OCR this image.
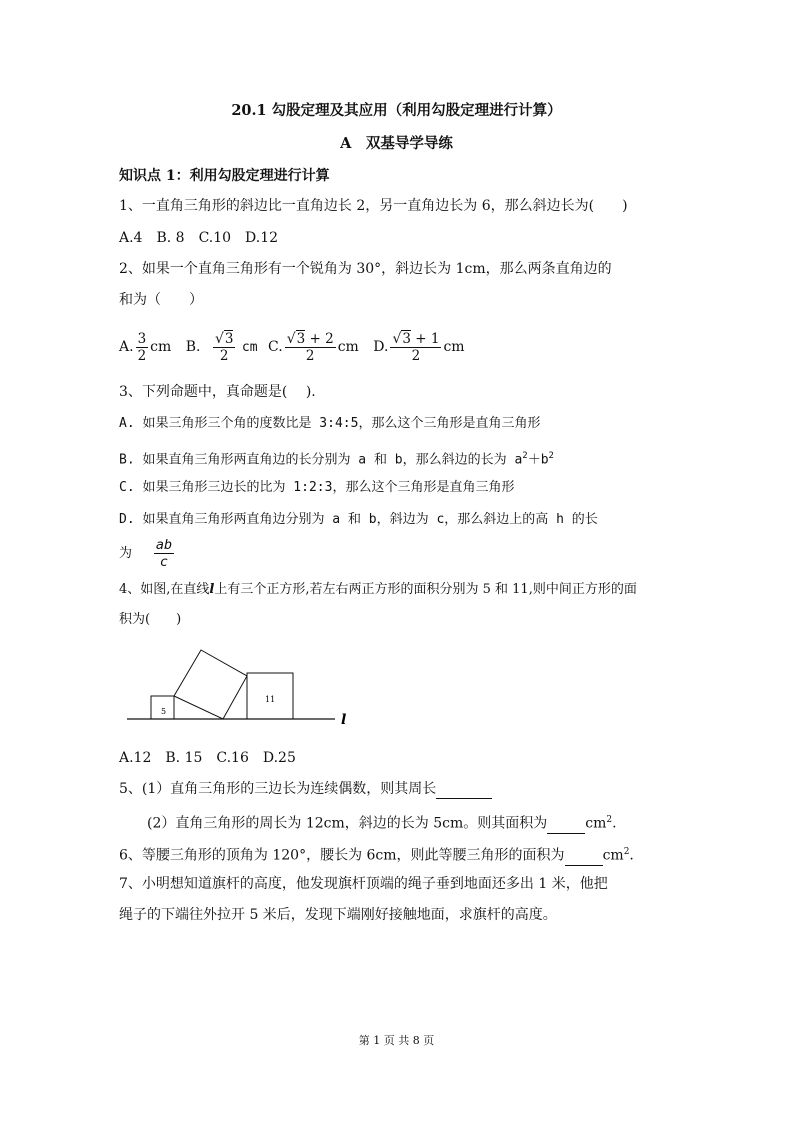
20.1 勾股定理及其应用（利用勾股定理进行计算）
A　双基导学导练
知识点 1：利用勾股定理进行计算
1、一直角三角形的斜边比一直角边长 2，另一直角边长为 6，那么斜边长为(　　)
A.4　B. 8　C.10　D.12
2、如果一个直角三角形有一个锐角为 30°，斜边长为 1cm，那么两条直角边的
和为（　　）
A. $\frac{3}{2}$ cm B. $\frac{√3}{2}$ cm C. $\frac{√3 + 2}{2}$ cm D. $\frac{√3 + 1}{2}$ cm
3、下列命题中，真命题是(　 ).
A. 如果三角形三个角的度数比是 3:4:5，那么这个三角形是直角三角形
B. 如果直角三角形两直角边的长分别为 a 和 b，那么斜边的长为 $a^2+b^2$
C. 如果三角形三边长的比为 1:2:3，那么这个三角形是直角三角形
D. 如果直角三角形两直角边分别为 a 和 b，斜边为 c，那么斜边上的高 h 的长
为 $\frac{ab}{c}$
4、如图,在直线l上有三个正方形,若左右两正方形的面积分别为 5 和 11,则中间正方形的面
积为(　　)
5
11
l
A.12　B. 15　C.16　D.25
5、(1）直角三角形的三边长为连续偶数，则其周长
(2）直角三角形的周长为 12cm，斜边的长为 5cm。则其面积为	$cm^2$.
6、等腰三角形的顶角为 120°，腰长为 6cm，则此等腰三角形的面积为	$cm^2$.
7、小明想知道旗杆的高度，他发现旗杆顶端的绳子垂到地面还多出 1 米，他把
绳子的下端往外拉开 5 米后，发现下端刚好接触地面，求旗杆的高度。
第 1 页 共 8 页
